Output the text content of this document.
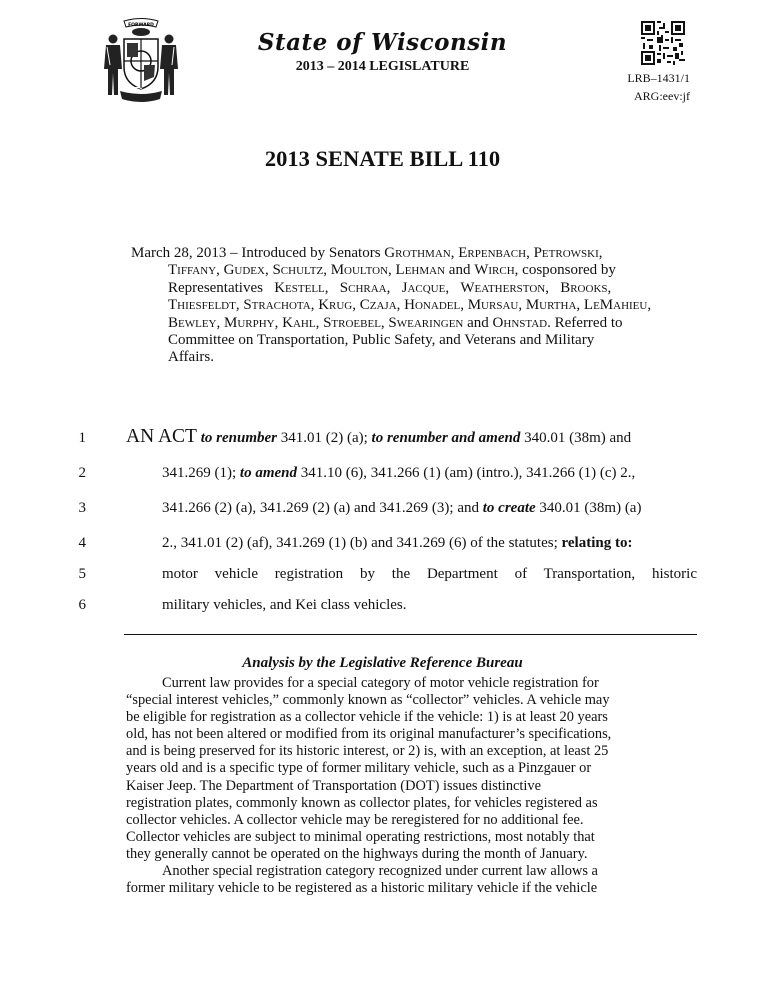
FORWARD
State of Wisconsin
2013 – 2014 LEGISLATURE
LRB–1431/1
ARG:eev:jf
2013 SENATE BILL 110
March 28, 2013 – Introduced by Senators Grothman, Erpenbach, Petrowski,
Tiffany, Gudex, Schultz, Moulton, Lehman and Wirch, cosponsored by
Representatives   Kestell,   Schraa,   Jacque,   Weatherston,   Brooks,
Thiesfeldt, Strachota, Krug, Czaja, Honadel, Mursau, Murtha, LeMahieu,
Bewley, Murphy, Kahl, Stroebel, Swearingen and Ohnstad. Referred to
Committee on Transportation, Public Safety, and Veterans and Military
Affairs.
1
2
3
4
5
6
AN ACT to renumber 341.01 (2) (a); to renumber and amend 340.01 (38m) and
341.269 (1); to amend 341.10 (6), 341.266 (1) (am) (intro.), 341.266 (1) (c) 2.,
341.266 (2) (a), 341.269 (2) (a) and 341.269 (3); and to create 340.01 (38m) (a)
2., 341.01 (2) (af), 341.269 (1) (b) and 341.269 (6) of the statutes; relating to:
motor vehicle registration by the Department of Transportation, historic
military vehicles, and Kei class vehicles.
Analysis by the Legislative Reference Bureau
Current law provides for a special category of motor vehicle registration for
“special interest vehicles,” commonly known as “collector” vehicles. A vehicle may
be eligible for registration as a collector vehicle if the vehicle: 1) is at least 20 years
old, has not been altered or modified from its original manufacturer’s specifications,
and is being preserved for its historic interest, or 2) is, with an exception, at least 25
years old and is a specific type of former military vehicle, such as a Pinzgauer or
Kaiser Jeep. The Department of Transportation (DOT) issues distinctive
registration plates, commonly known as collector plates, for vehicles registered as
collector vehicles. A collector vehicle may be reregistered for no additional fee.
Collector vehicles are subject to minimal operating restrictions, most notably that
they generally cannot be operated on the highways during the month of January.
Another special registration category recognized under current law allows a
former military vehicle to be registered as a historic military vehicle if the vehicle
